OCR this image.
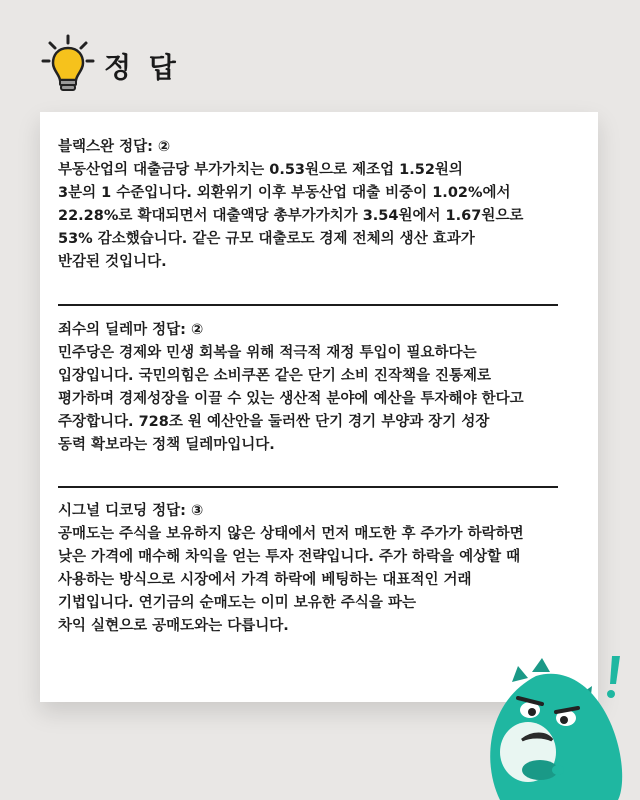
정 답
블랙스완 정답: ②

부동산업의 대출금당 부가가치는 0.53원으로 제조업 1.52원의
3분의 1 수준입니다. 외환위기 이후 부동산업 대출 비중이 1.02%에서
22.28%로 확대되면서 대출액당 총부가가치가 3.54원에서 1.67원으로
53% 감소했습니다. 같은 규모 대출로도 경제 전체의 생산 효과가
반감된 것입니다.

죄수의 딜레마 정답: ②

민주당은 경제와 민생 회복을 위해 적극적 재정 투입이 필요하다는
입장입니다. 국민의힘은 소비쿠폰 같은 단기 소비 진작책을 진통제로
평가하며 경제성장을 이끌 수 있는 생산적 분야에 예산을 투자해야 한다고
주장합니다. 728조 원 예산안을 둘러싼 단기 경기 부양과 장기 성장
동력 확보라는 정책 딜레마입니다.

시그널 디코딩 정답: ③

공매도는 주식을 보유하지 않은 상태에서 먼저 매도한 후 주가가 하락하면
낮은 가격에 매수해 차익을 얻는 투자 전략입니다. 주가 하락을 예상할 때
사용하는 방식으로 시장에서 가격 하락에 베팅하는 대표적인 거래
기법입니다. 연기금의 순매도는 이미 보유한 주식을 파는
차익 실현으로 공매도와는 다릅니다.
